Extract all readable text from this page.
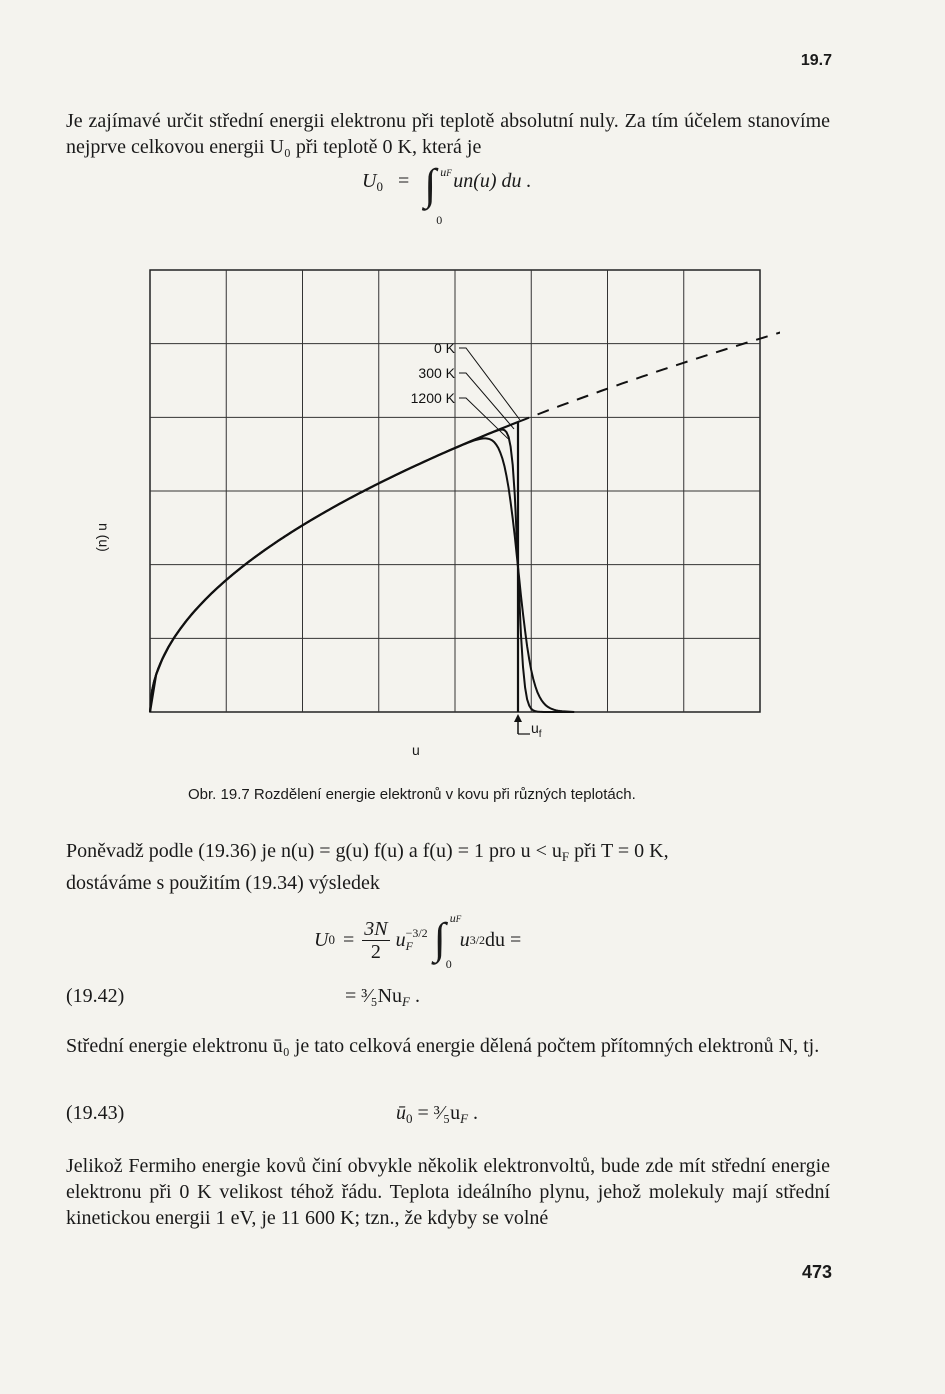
19.7
Je zajímavé určit střední energii elektronu při teplotě absolutní nuly. Za tím účelem stanovíme nejprve celkovou energii U₀ při teplotě 0 K, která je
$U_0$ = ∫ uF
0
un(u) du .
0 K
300 K
1200 K
n (u)
u
$u_f$
Obr. 19.7 Rozdělení energie elektronů v kovu při různých teplotách.
Poněvadž podle (19.36) je n(u) = g(u) f(u) a f(u) = 1 pro $u < u_F$ při T = 0 K,
dostáváme s použitím (19.34) výsledek
U $0 = \frac{3N}{2}$ u −3/2
F ∫ uF
0
u 3/2 du =
(19.42)	= $^3⁄_5Nu_F$ .
Střední energie elektronu ū₀ je tato celková energie dělená počtem přítomných elektronů N, tj.
(19.43)	$ū_0$ = $^3⁄_5u_F$ .
Jelikož Fermiho energie kovů činí obvykle několik elektronvoltů, bude zde mít střední energie elektronu při 0 K velikost téhož řádu. Teplota ideálního plynu, jehož molekuly mají střední kinetickou energii 1 eV, je 11 600 K; tzn., že kdyby se volné
473
